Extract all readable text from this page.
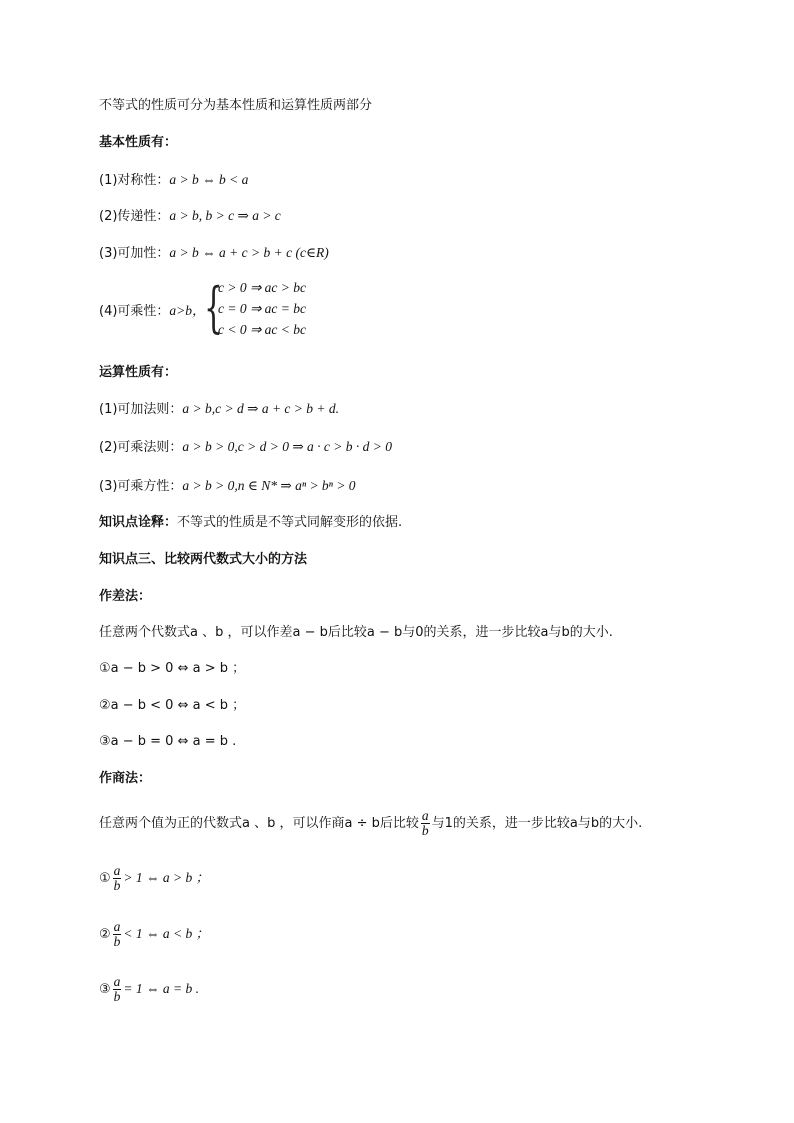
不等式的性质可分为基本性质和运算性质两部分
基本性质有：
(1)对称性：a > b ⇔ b < a
(2)传递性：a > b, b > c ⇒ a > c
(3)可加性：a > b ⇔ a + c > b + c (c∈R)
(4)可乘性：a>b，
{
c > 0 ⇒ ac > bc
c = 0 ⇒ ac = bc
c < 0 ⇒ ac < bc
运算性质有：
(1)可加法则：a > b,c > d ⇒ a + c > b + d.
(2)可乘法则：a > b > 0,c > d > 0 ⇒ a · c > b · d > 0
(3)可乘方性：a > b > 0,n ∈ N* ⇒ aⁿ > bⁿ > 0
知识点诠释：不等式的性质是不等式同解变形的依据.
知识点三、比较两代数式大小的方法
作差法：
任意两个代数式a 、b ，可以作差a − b后比较a − b与0的关系，进一步比较a与b的大小.
①a − b > 0 ⇔ a > b ；
②a − b < 0 ⇔ a < b ；
③a − b = 0 ⇔ a = b .
作商法：
任意两个值为正的代数式a 、b ，可以作商a ÷ b后比较 $\frac{a}{b}$ 与1的关系，进一步比较a与b的大小.
① $\frac{a}{b} > 1$ ⇔ a > b ；
② $\frac{a}{b} < 1$ ⇔ a < b ；
③ $\frac{a}{b} = 1$ ⇔ a = b .
